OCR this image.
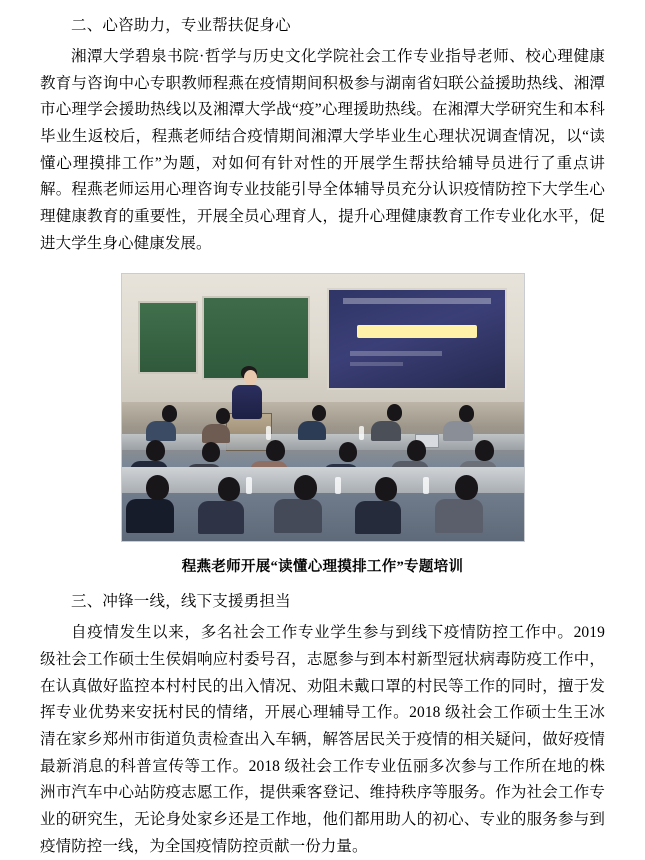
二、心咨助力，专业帮扶促身心

湘潭大学碧泉书院·哲学与历史文化学院社会工作专业指导老师、校心理健康教育与咨询中心专职教师程燕在疫情期间积极参与湖南省妇联公益援助热线、湘潭市心理学会援助热线以及湘潭大学战“疫”心理援助热线。在湘潭大学研究生和本科毕业生返校后，程燕老师结合疫情期间湘潭大学毕业生心理状况调查情况，以“读懂心理摸排工作”为题，对如何有针对性的开展学生帮扶给辅导员进行了重点讲解。程燕老师运用心理咨询专业技能引导全体辅导员充分认识疫情防控下大学生心理健康教育的重要性，开展全员心理育人，提升心理健康教育工作专业化水平，促进大学生身心健康发展。

程燕老师开展“读懂心理摸排工作”专题培训
三、冲锋一线，线下支援勇担当

自疫情发生以来，多名社会工作专业学生参与到线下疫情防控工作中。2019 级社会工作硕士生侯娟响应村委号召，志愿参与到本村新型冠状病毒防疫工作中，在认真做好监控本村村民的出入情况、劝阻未戴口罩的村民等工作的同时，擅于发挥专业优势来安抚村民的情绪，开展心理辅导工作。2018 级社会工作硕士生王冰清在家乡郑州市街道负责检查出入车辆，解答居民关于疫情的相关疑问，做好疫情最新消息的科普宣传等工作。2018 级社会工作专业伍丽多次参与工作所在地的株洲市汽车中心站防疫志愿工作，提供乘客登记、维持秩序等服务。作为社会工作专业的研究生，无论身处家乡还是工作地，他们都用助人的初心、专业的服务参与到疫情防控一线，为全国疫情防控贡献一份力量。
